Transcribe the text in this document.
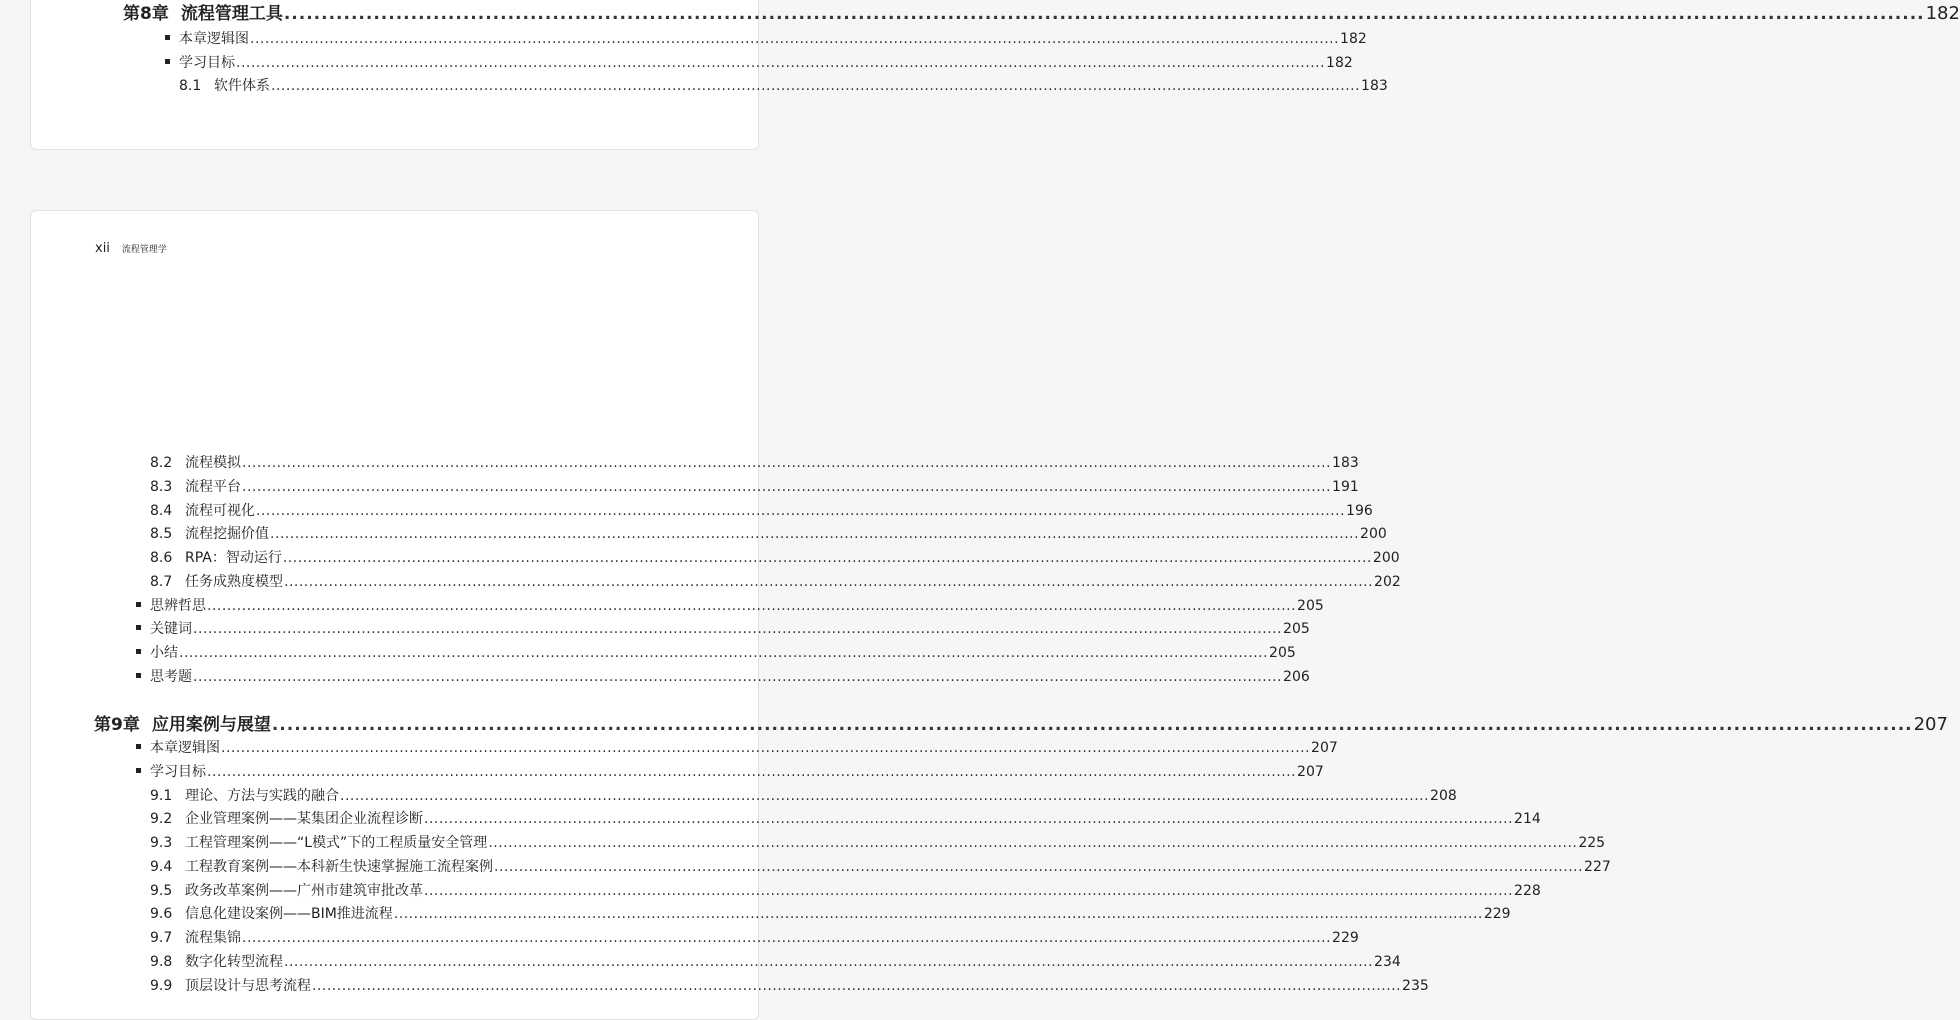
第8章 流程管理工具 ............................................................................................................................................................................................................................ 182
本章逻辑图 ............................................................................................................................................................................................................................ 182
学习目标 ............................................................................................................................................................................................................................ 182
8.1 软件体系 ............................................................................................................................................................................................................................ 183
xii 流程管理学
8.2 流程模拟 ............................................................................................................................................................................................................................ 183
8.3 流程平台 ............................................................................................................................................................................................................................ 191
8.4 流程可视化 ............................................................................................................................................................................................................................ 196
8.5 流程挖掘价值 ............................................................................................................................................................................................................................ 200
8.6 RPA：智动运行 ............................................................................................................................................................................................................................ 200
8.7 任务成熟度模型 ............................................................................................................................................................................................................................ 202
思辨哲思 ............................................................................................................................................................................................................................ 205
关键词 ............................................................................................................................................................................................................................ 205
小结 ............................................................................................................................................................................................................................ 205
思考题 ............................................................................................................................................................................................................................ 206
第9章 应用案例与展望 ............................................................................................................................................................................................................................ 207
本章逻辑图 ............................................................................................................................................................................................................................ 207
学习目标 ............................................................................................................................................................................................................................ 207
9.1 理论、方法与实践的融合 ............................................................................................................................................................................................................................ 208
9.2 企业管理案例——某集团企业流程诊断 ............................................................................................................................................................................................................................ 214
9.3 工程管理案例——“L模式”下的工程质量安全管理 ............................................................................................................................................................................................................................ 225
9.4 工程教育案例——本科新生快速掌握施工流程案例 ............................................................................................................................................................................................................................ 227
9.5 政务改革案例——广州市建筑审批改革 ............................................................................................................................................................................................................................ 228
9.6 信息化建设案例——BIM推进流程 ............................................................................................................................................................................................................................ 229
9.7 流程集锦 ............................................................................................................................................................................................................................ 229
9.8 数字化转型流程 ............................................................................................................................................................................................................................ 234
9.9 顶层设计与思考流程 ............................................................................................................................................................................................................................ 235
